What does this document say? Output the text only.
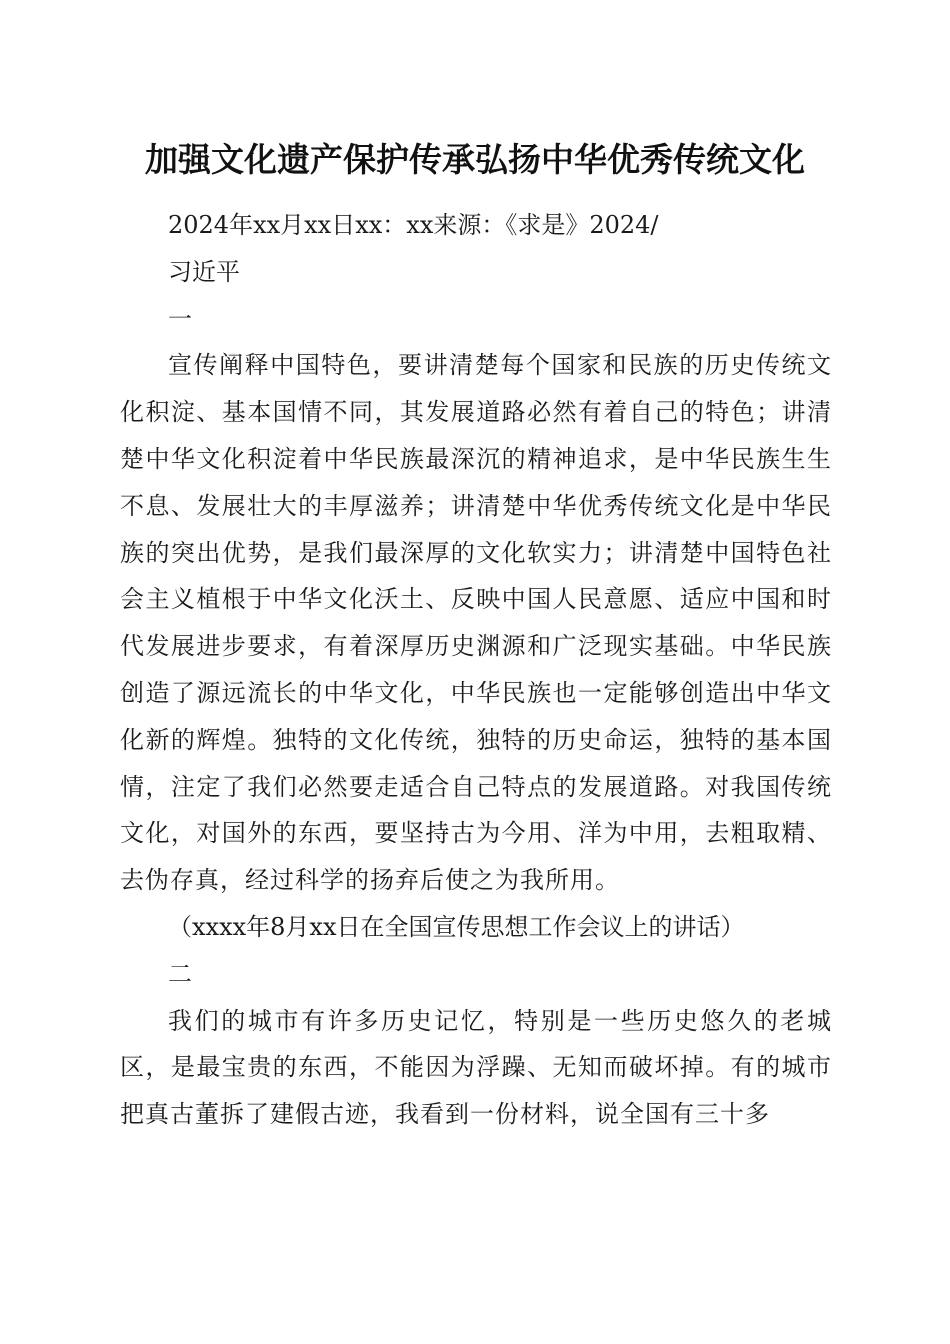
加强文化遗产保护传承弘扬中华优秀传统文化

2024年xx月xx日xx：xx来源：《求是》2024/

习近平

一

宣传阐释中国特色，要讲清楚每个国家和民族的历史传统文化积淀、基本国情不同，其发展道路必然有着自己的特色；讲清楚中华文化积淀着中华民族最深沉的精神追求，是中华民族生生不息、发展壮大的丰厚滋养；讲清楚中华优秀传统文化是中华民族的突出优势，是我们最深厚的文化软实力；讲清楚中国特色社会主义植根于中华文化沃土、反映中国人民意愿、适应中国和时代发展进步要求，有着深厚历史渊源和广泛现实基础。中华民族创造了源远流长的中华文化，中华民族也一定能够创造出中华文化新的辉煌。独特的文化传统，独特的历史命运，独特的基本国情，注定了我们必然要走适合自己特点的发展道路。对我国传统文化，对国外的东西，要坚持古为今用、洋为中用，去粗取精、去伪存真，经过科学的扬弃后使之为我所用。

（xxxx年8月xx日在全国宣传思想工作会议上的讲话）

二

我们的城市有许多历史记忆，特别是一些历史悠久的老城区，是最宝贵的东西，不能因为浮躁、无知而破坏掉。有的城市把真古董拆了建假古迹，我看到一份材料，说全国有三十多
